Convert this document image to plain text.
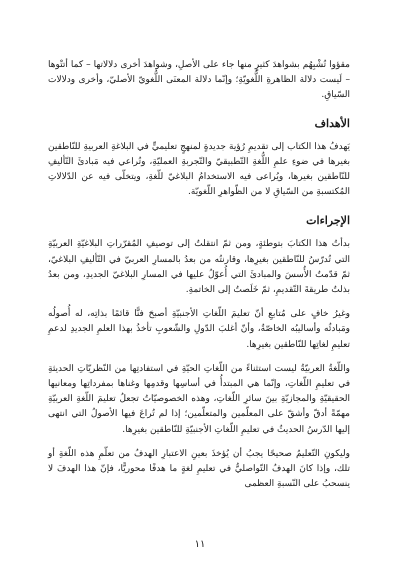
مقؤوا تُشْبِهُم بشواهدَ كثيرٍ منها جاء على الأصلِ، وشواهدَ أخرى دلالاتها – كما أتتْوها – لَيست دلالة الظاهرةِ اللُّغويّةِ؛ وإنّما دلالة المعنَى اللُّغويّ الأصليّ، وأخرى ودلالات السّياقِ.

الأهداف

يَهدفُ هذا الكتاب إلى تقديمِ رُؤية جديدةٍ لمنهجٍ تعليميٍّ في البلاغةِ العربيةِ للنّاطقين بغيرها في ضوءِ علمِ اللُّغةِ التّطبيقيّ والتّجربةِ العمليّةِ، وتُراعي فيه مَبادئَ التّأليفِ للنّاطقين بغيرها، ويُراعى فيه الاستخدامُ البلاغيّ للّغةِ، ويتخلّى فيه عن الدّلالاتِ المُكتسبةِ من السّياقِ لا من الظّواهرِ اللّغويّة.

الإجراءات

بدأتُ هذا الكتابَ بتوطئةٍ، ومن ثمّ انتقلتُ إلى توصيفِ المُقرّراتِ البلاغيّةِ العربيّةِ التي تُدرّسُ للنّاطقين بغيرِها، وقارنتُه من بعدُ بالمسارِ العربيّ في التّأليفِ البلاغيّ، ثمّ قدّمتُ الأُسسَ والمبادئَ التي أُعوّلُ عليها في المسارِ البلاغيّ الجديدِ، ومن بعدُ بذلتُ طريقةَ التّقديمِ، ثمّ خَلَصتُ إلى الخاتمةِ.

وغيرُ خافٍ على مُتابعِ أنّ تعليمَ اللّغاتِ الأجنبيّةِ أصبحَ فنًّا قائمًا بذاتِه، له أُصولُه ومَبادئُه وأساليبُه الخاصّةُ، وأنّ أغلبَ الدّولِ والشّعوبِ تأخذُ بهذا العلمِ الجديدِ لدعمِ تعليمِ لغاتِها للنّاطقين بغيرِها.

واللّغةُ العربيّةُ ليست استثناءً من اللّغاتِ الحيّةِ في استفادتِها من النّظريّاتِ الحديثةِ في تعليمِ اللّغاتِ، وإنّما هي المبتدأُ في أساسِها وقدمِها وغناها بمفرداتِها ومعانيها الحقيقيّةِ والمجازيّةِ بينَ سائرِ اللّغاتِ، وهذه الخصوصيّاتُ تجعلُ تعليمَ اللّغةِ العربيّةِ مهمّةً أدقّ وأشقّ على المعلّمين والمتعلّمين؛ إذا لم تُراعَ فيها الأصولُ التي انتهى إليها الدّرسُ الحديثُ في تعليمِ اللّغاتِ الأجنبيّةِ للنّاطقين بغيرِها.

وليكونِ التّعليمُ صحيحًا يجبُ أن يُؤخذَ بعينِ الاعتبارِ الهدفُ من تعلّمِ هذه اللّغةِ أو تلك، وإذا كانَ الهدفُ التّواصليُّ في تعليمِ لغةٍ ما هدفًا محوريًّا، فإنّ هذا الهدفَ لا ينسحبُ على النّسبةِ العظمى

١١
